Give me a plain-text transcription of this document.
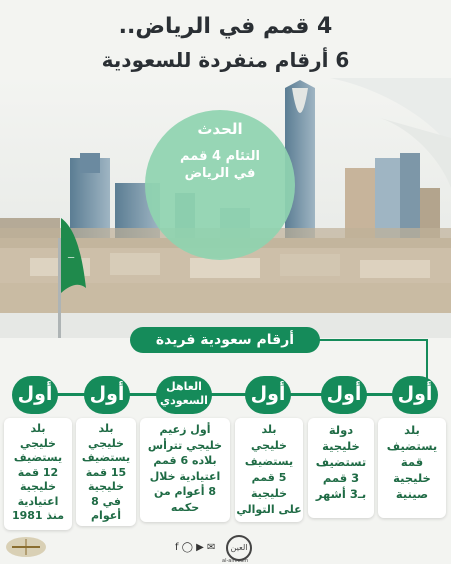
4 قمم في الرياض..
6 أرقام منفردة للسعودية
ـــ
الحدث
التئام 4 قمم في الرياض
أرقام سعودية فريدة
أول
أول
أول
العاهل السعودي
أول
أول
بلد
يستضيف
قمة
خليجية
صينية
دولة
خليجية
تستضيف
3 قمم
بـ3 أشهر
بلد
خليجي
يستضيف
5 قمم
خليجية
على التوالي
أول زعيم
خليجي تترأس
بلاده 6 قمم
اعتيادية خلال
8 أعوام من
حكمه
بلد
خليجي
يستضيف
15 قمة
خليجية
في 8
أعوام
بلد
خليجي
يستضيف
12 قمة
خليجية
اعتيادية
منذ 1981
f ◯ ▶ ✉	العين
al-ain.com
